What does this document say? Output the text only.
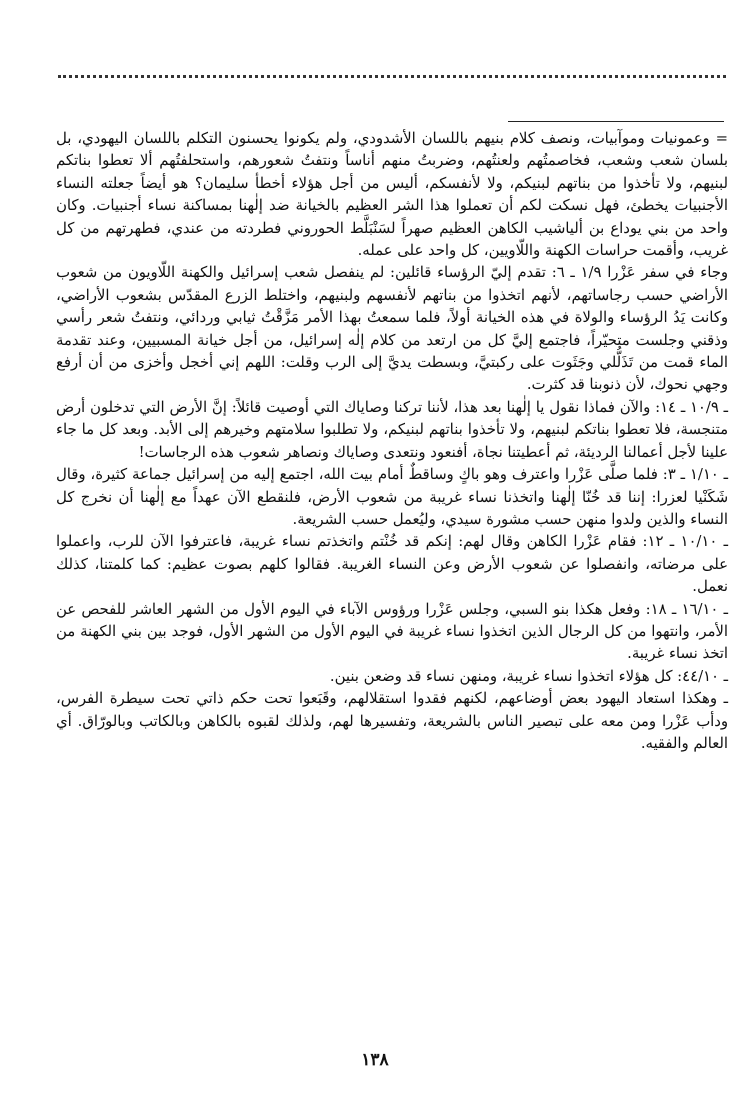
= وعمونيات وموآبيات، ونصف كلام بنيهم باللسان الأشدودي، ولم يكونوا يحسنون التكلم باللسان اليهودي، بل بلسان شعب وشعب، فخاصمتُهم ولعنتُهم، وضربتُ منهم أناساً ونتفتُ شعورهم، واستحلفتُهم ألا تعطوا بناتكم لبنيهم، ولا تأخذوا من بناتهم لبنيكم، ولا لأنفسكم، أليس من أجل هؤلاء أخطأ سليمان؟ هو أيضاً جعلته النساء الأجنبيات يخطئ، فهل نسكت لكم أن تعملوا هذا الشر العظيم بالخيانة ضد إلٰهنا بمساكنة نساء أجنبيات. وكان واحد من بني يوداع بن ألياشيب الكاهن العظيم صهراً لسَنْبَلَّط الحوروني فطردته من عندي، فطهرتهم من كل غريب، وأقمت حراسات الكهنة واللّاويين، كل واحد على عمله.

وجاء في سفر عَزْرا ١/٩ ـ ٦: تقدم إليّ الرؤساء قائلين: لم ينفصل شعب إسرائيل والكهنة اللّاويون من شعوب الأراضي حسب رجاساتهم، لأنهم اتخذوا من بناتهم لأنفسهم ولبنيهم، واختلط الزرع المقدّس بشعوب الأراضي، وكانت يَدُ الرؤساء والولاة في هذه الخيانة أولاً، فلما سمعتُ بهذا الأمر مَزَّقْتُ ثيابي وردائي، ونتفتُ شعر رأسي وذقني وجلست متحيّراً، فاجتمع إليَّ كل من ارتعد من كلام إلٰه إسرائيل، من أجل خيانة المسبيين، وعند تقدمة الماء قمت من تَذَلُّلي وجَثَوت على ركبتيَّ، وبسطت يديَّ إلى الرب وقلت: اللهم إني أخجل وأخزى من أن أرفع وجهي نحوك، لأن ذنوبنا قد كثرت.

ـ ١٠/٩ ـ ١٤: والآن فماذا نقول يا إلٰهنا بعد هذا، لأننا تركنا وصاياك التي أوصيت قائلاً: إنَّ الأرض التي تدخلون أرض متنجسة، فلا تعطوا بناتكم لبنيهم، ولا تأخذوا بناتهم لبنيكم، ولا تطلبوا سلامتهم وخيرهم إلى الأبد. وبعد كل ما جاء علينا لأجل أعمالنا الرديئة، ثم أعطيتنا نجاة، أفنعود ونتعدى وصاياك ونصاهر شعوب هذه الرجاسات!

ـ ١/١٠ ـ ٣: فلما صلَّى عَزْرا واعترف وهو باكٍ وساقطٌ أمام بيت الله، اجتمع إليه من إسرائيل جماعة كثيرة، وقال شَكَنْيا لعزرا: إننا قد خُنّا إلٰهنا واتخذنا نساء غريبة من شعوب الأرض، فلنقطع الآن عهداً مع إلٰهنا أن نخرج كل النساء والذين ولدوا منهن حسب مشورة سيدي، وليُعمل حسب الشريعة.

ـ ١٠/١٠ ـ ١٢: فقام عَزْرا الكاهن وقال لهم: إنكم قد خُنْتم واتخذتم نساء غريبة، فاعترفوا الآن للرب، واعملوا على مرضاته، وانفصلوا عن شعوب الأرض وعن النساء الغريبة. فقالوا كلهم بصوت عظيم: كما كلمتنا، كذلك نعمل.

ـ ١٦/١٠ ـ ١٨: وفعل هكذا بنو السبي، وجلس عَزْرا ورؤوس الآباء في اليوم الأول من الشهر العاشر للفحص عن الأمر، وانتهوا من كل الرجال الذين اتخذوا نساء غريبة في اليوم الأول من الشهر الأول، فوجد بين بني الكهنة من اتخذ نساء غريبة.

ـ ٤٤/١٠: كل هؤلاء اتخذوا نساء غريبة، ومنهن نساء قد وضعن بنين.

ـ وهكذا استعاد اليهود بعض أوضاعهم، لكنهم فقدوا استقلالهم، وقَبَعوا تحت حكم ذاتي تحت سيطرة الفرس، ودأب عَزْرا ومن معه على تبصير الناس بالشريعة، وتفسيرها لهم، ولذلك لقبوه بالكاهن وبالكاتب وبالورّاق. أي العالم والفقيه.

١٣٨
